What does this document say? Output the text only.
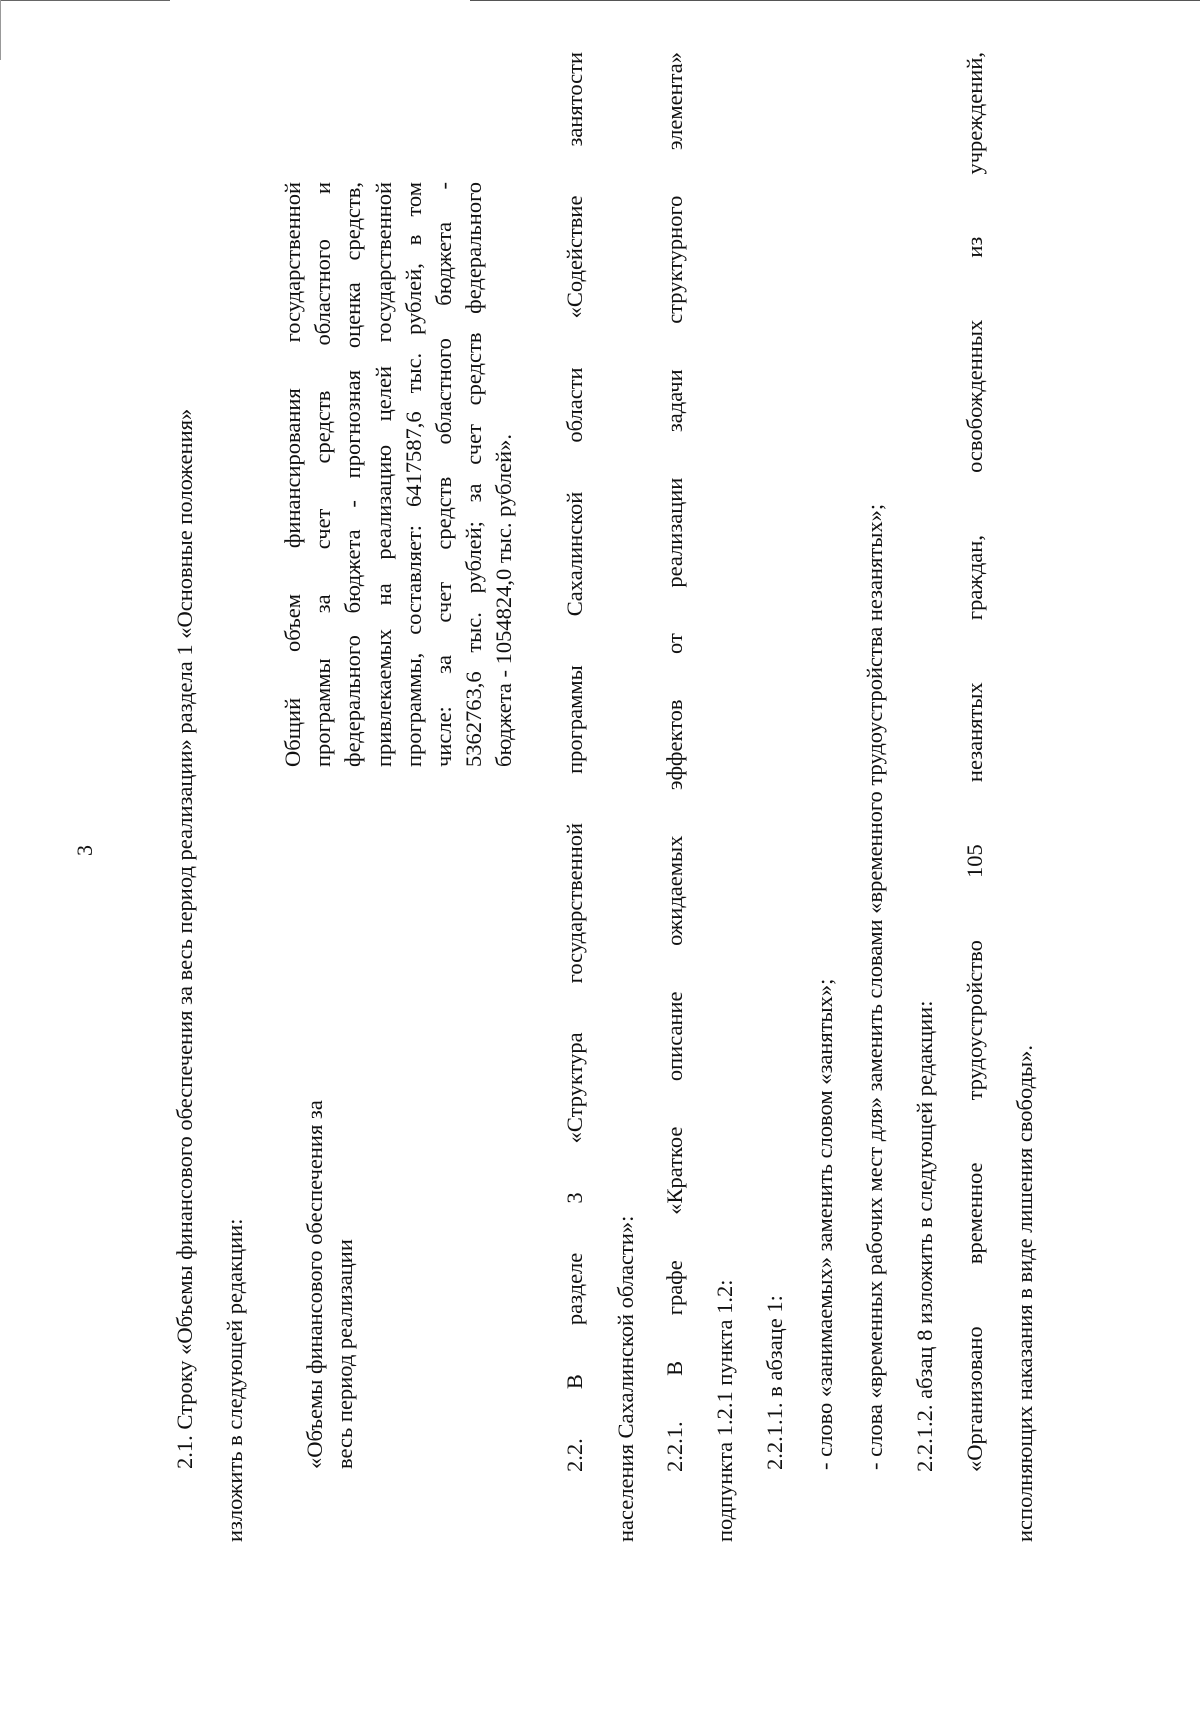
3	2.1. Строку «Объемы финансового обеспечения за весь период реализации» раздела 1 «Основные положения» изложить в следующей редакции: «Объемы финансового обеспечения за весь период реализации
Общий объем финансирования государственной программы за счет средств областного и федерального бюджета - прогнозная оценка средств, привлекаемых на реализацию целей государственной программы, составляет: 6417587,6 тыс. рублей, в том числе: за счет средств областного бюджета - 5362763,6 тыс. рублей; за счет средств федерального бюджета - 1054824,0 тыс. рублей». 2.2. В разделе 3 «Структура государственной программы Сахалинской области «Содействие занятости населения Сахалинской области»: 2.2.1. В графе «Краткое описание ожидаемых эффектов от реализации задачи структурного элемента» подпункта 1.2.1 пункта 1.2: 2.2.1.1. в абзаце 1: - слово «занимаемых» заменить словом «занятых»; - слова «временных рабочих мест для» заменить словами «временного трудоустройства незанятых»; 2.2.1.2. абзац 8 изложить в следующей редакции: «Организовано временное трудоустройство 105 незанятых граждан, освобожденных из учреждений, исполняющих наказания в виде лишения свободы».
